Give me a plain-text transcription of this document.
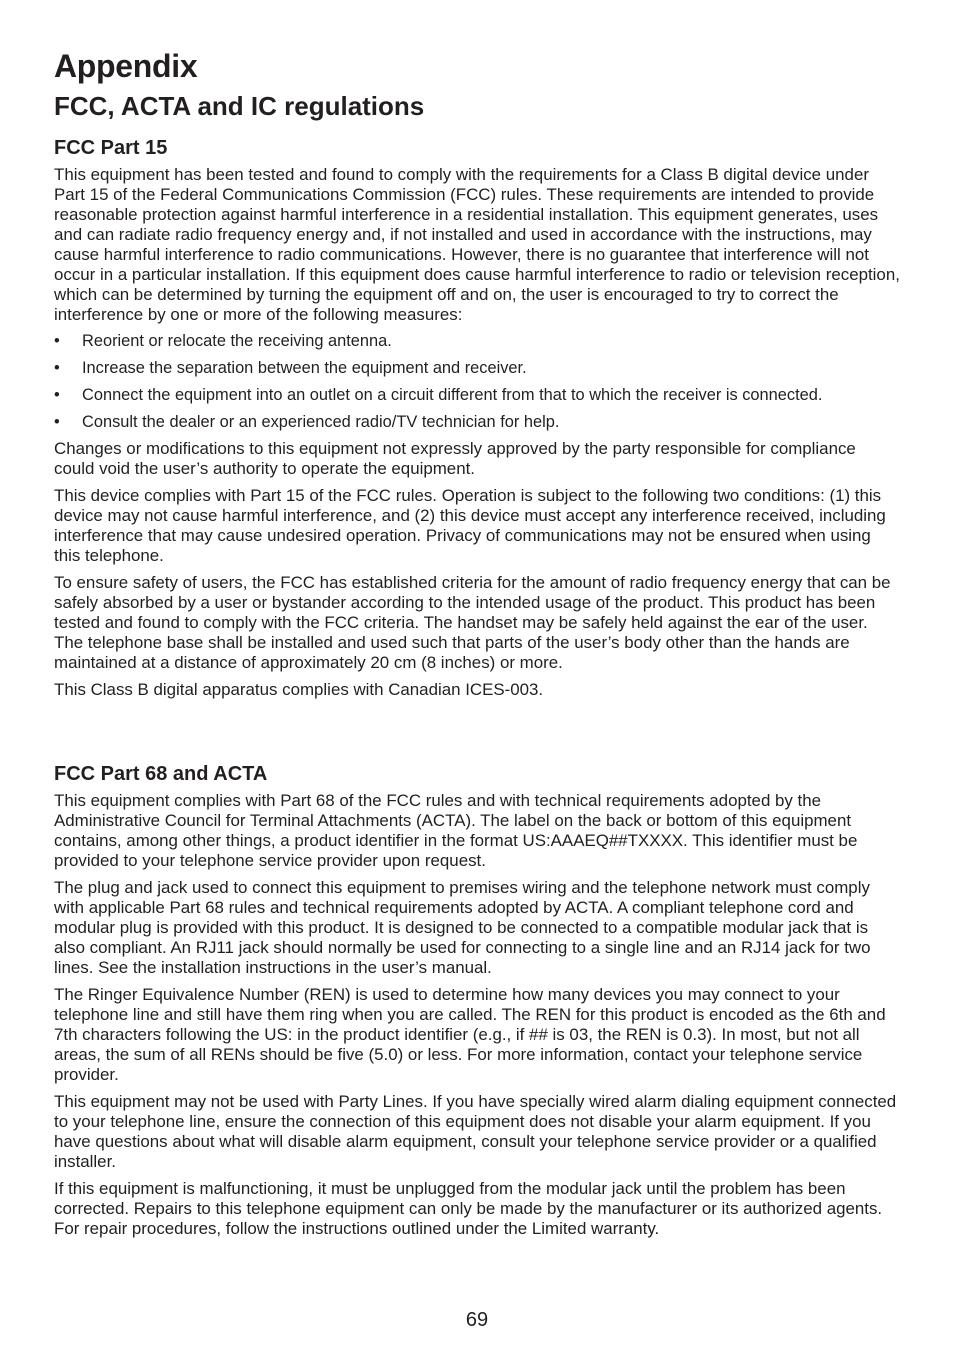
Appendix
FCC, ACTA and IC regulations
FCC Part 15

This equipment has been tested and found to comply with the requirements for a Class B digital device under Part 15 of the Federal Communications Commission (FCC) rules. These requirements are intended to provide reasonable protection against harmful interference in a residential installation. This equipment generates, uses and can radiate radio frequency energy and, if not installed and used in accordance with the instructions, may cause harmful interference to radio communications. However, there is no guarantee that interference will not occur in a particular installation. If this equipment does cause harmful interference to radio or television reception, which can be determined by turning the equipment off and on, the user is encouraged to try to correct the interference by one or more of the following measures:

• Reorient or relocate the receiving antenna.
• Increase the separation between the equipment and receiver.
• Connect the equipment into an outlet on a circuit different from that to which the receiver is connected.
• Consult the dealer or an experienced radio/TV technician for help.

Changes or modifications to this equipment not expressly approved by the party responsible for compliance could void the user’s authority to operate the equipment.

This device complies with Part 15 of the FCC rules. Operation is subject to the following two conditions: (1) this device may not cause harmful interference, and (2) this device must accept any interference received, including interference that may cause undesired operation. Privacy of communications may not be ensured when using this telephone.

To ensure safety of users, the FCC has established criteria for the amount of radio frequency energy that can be safely absorbed by a user or bystander according to the intended usage of the product. This product has been tested and found to comply with the FCC criteria. The handset may be safely held against the ear of the user. The telephone base shall be installed and used such that parts of the user’s body other than the hands are maintained at a distance of approximately 20 cm (8 inches) or more.

This Class B digital apparatus complies with Canadian ICES-003.

FCC Part 68 and ACTA

This equipment complies with Part 68 of the FCC rules and with technical requirements adopted by the Administrative Council for Terminal Attachments (ACTA). The label on the back or bottom of this equipment contains, among other things, a product identifier in the format US:AAAEQ##TXXXX. This identifier must be provided to your telephone service provider upon request.

The plug and jack used to connect this equipment to premises wiring and the telephone network must comply with applicable Part 68 rules and technical requirements adopted by ACTA. A compliant telephone cord and modular plug is provided with this product. It is designed to be connected to a compatible modular jack that is also compliant. An RJ11 jack should normally be used for connecting to a single line and an RJ14 jack for two lines. See the installation instructions in the user’s manual.

The Ringer Equivalence Number (REN) is used to determine how many devices you may connect to your telephone line and still have them ring when you are called. The REN for this product is encoded as the 6th and 7th characters following the US: in the product identifier (e.g., if ## is 03, the REN is 0.3). In most, but not all areas, the sum of all RENs should be five (5.0) or less. For more information, contact your telephone service provider.

This equipment may not be used with Party Lines. If you have specially wired alarm dialing equipment connected to your telephone line, ensure the connection of this equipment does not disable your alarm equipment. If you have questions about what will disable alarm equipment, consult your telephone service provider or a qualified installer.

If this equipment is malfunctioning, it must be unplugged from the modular jack until the problem has been corrected. Repairs to this telephone equipment can only be made by the manufacturer or its authorized agents. For repair procedures, follow the instructions outlined under the Limited warranty.

69
